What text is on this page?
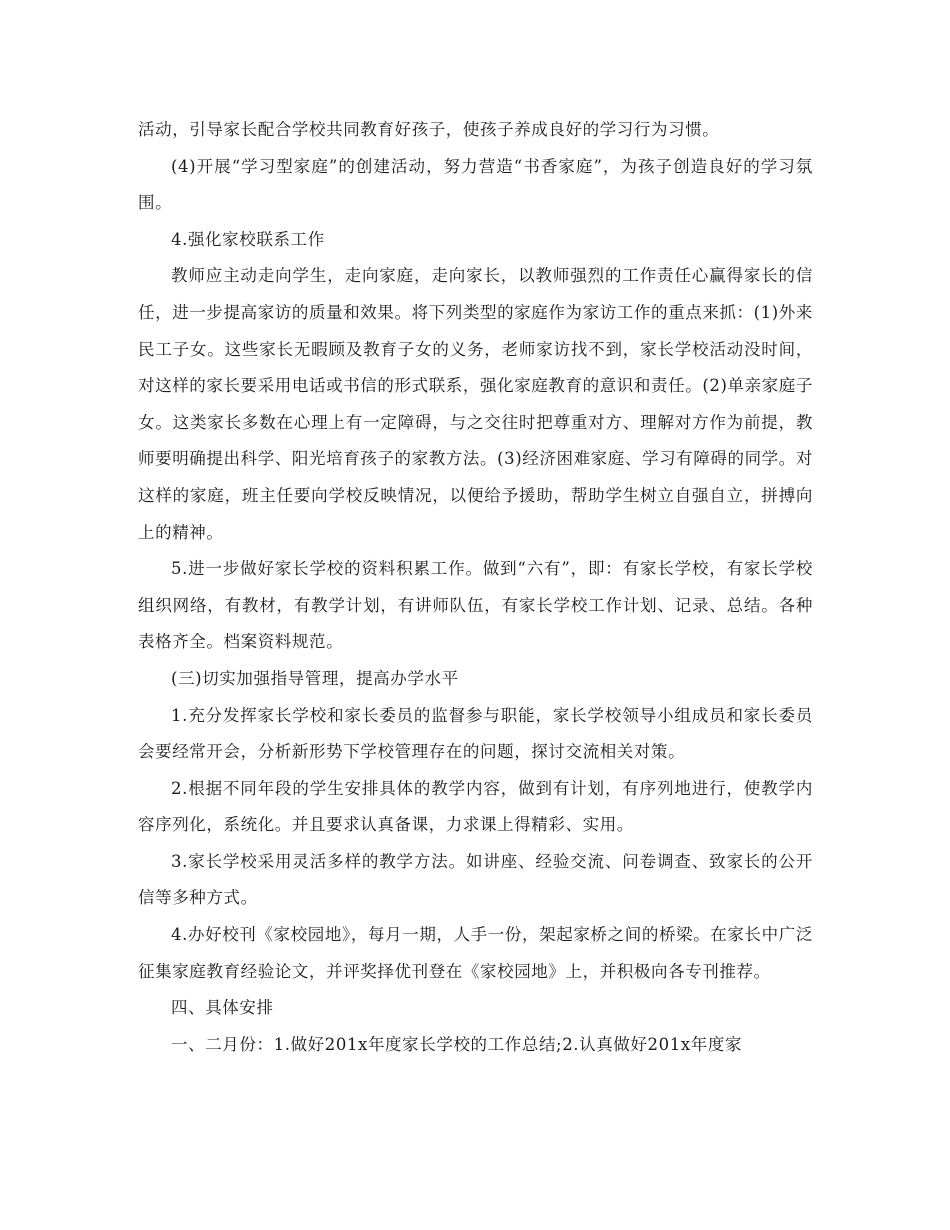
活动，引导家长配合学校共同教育好孩子，使孩子养成良好的学习行为习惯。

(4)开展“学习型家庭”的创建活动，努力营造“书香家庭”，为孩子创造良好的学习氛围。

4.强化家校联系工作

教师应主动走向学生，走向家庭，走向家长，以教师强烈的工作责任心赢得家长的信任，进一步提高家访的质量和效果。将下列类型的家庭作为家访工作的重点来抓：(1)外来民工子女。这些家长无暇顾及教育子女的义务，老师家访找不到，家长学校活动没时间，对这样的家长要采用电话或书信的形式联系，强化家庭教育的意识和责任。(2)单亲家庭子女。这类家长多数在心理上有一定障碍，与之交往时把尊重对方、理解对方作为前提，教师要明确提出科学、阳光培育孩子的家教方法。(3)经济困难家庭、学习有障碍的同学。对这样的家庭，班主任要向学校反映情况，以便给予援助，帮助学生树立自强自立，拼搏向上的精神。

5.进一步做好家长学校的资料积累工作。做到“六有”，即：有家长学校，有家长学校组织网络，有教材，有教学计划，有讲师队伍，有家长学校工作计划、记录、总结。各种表格齐全。档案资料规范。

(三)切实加强指导管理，提高办学水平

1.充分发挥家长学校和家长委员的监督参与职能，家长学校领导小组成员和家长委员会要经常开会，分析新形势下学校管理存在的问题，探讨交流相关对策。

2.根据不同年段的学生安排具体的教学内容，做到有计划，有序列地进行，使教学内容序列化，系统化。并且要求认真备课，力求课上得精彩、实用。

3.家长学校采用灵活多样的教学方法。如讲座、经验交流、问卷调查、致家长的公开信等多种方式。

4.办好校刊《家校园地》，每月一期，人手一份，架起家桥之间的桥梁。在家长中广泛征集家庭教育经验论文，并评奖择优刊登在《家校园地》上，并积极向各专刊推荐。

四、具体安排

一、二月份：1.做好201x年度家长学校的工作总结;2.认真做好201x年度家
